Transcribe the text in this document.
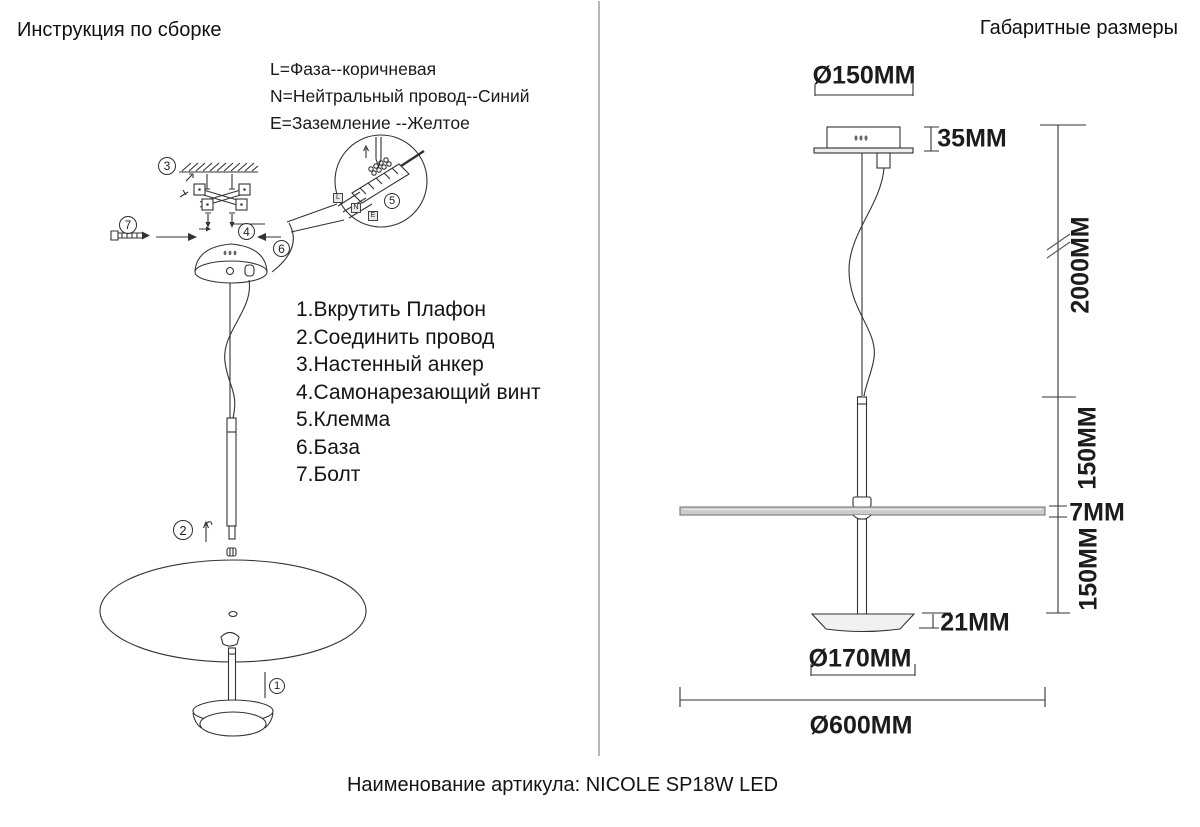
Инструкция по сборке	Габаритные размеры
L=Фаза--коричневая
N=Нейтральный провод--Синий
E=Заземление --Желтое
1.Вкрутить Плафон
2.Соединить провод
3.Настенный анкер
4.Самонарезающий винт
5.Клемма
6.База
7.Болт
3
7	4
6
5
2
1
L
N
E
Ø150MM
35MM
2000MM
150MM
7MM
150MM
21MM
Ø170MM
Ø600MM
Наименование артикула: NICOLE SP18W LED
